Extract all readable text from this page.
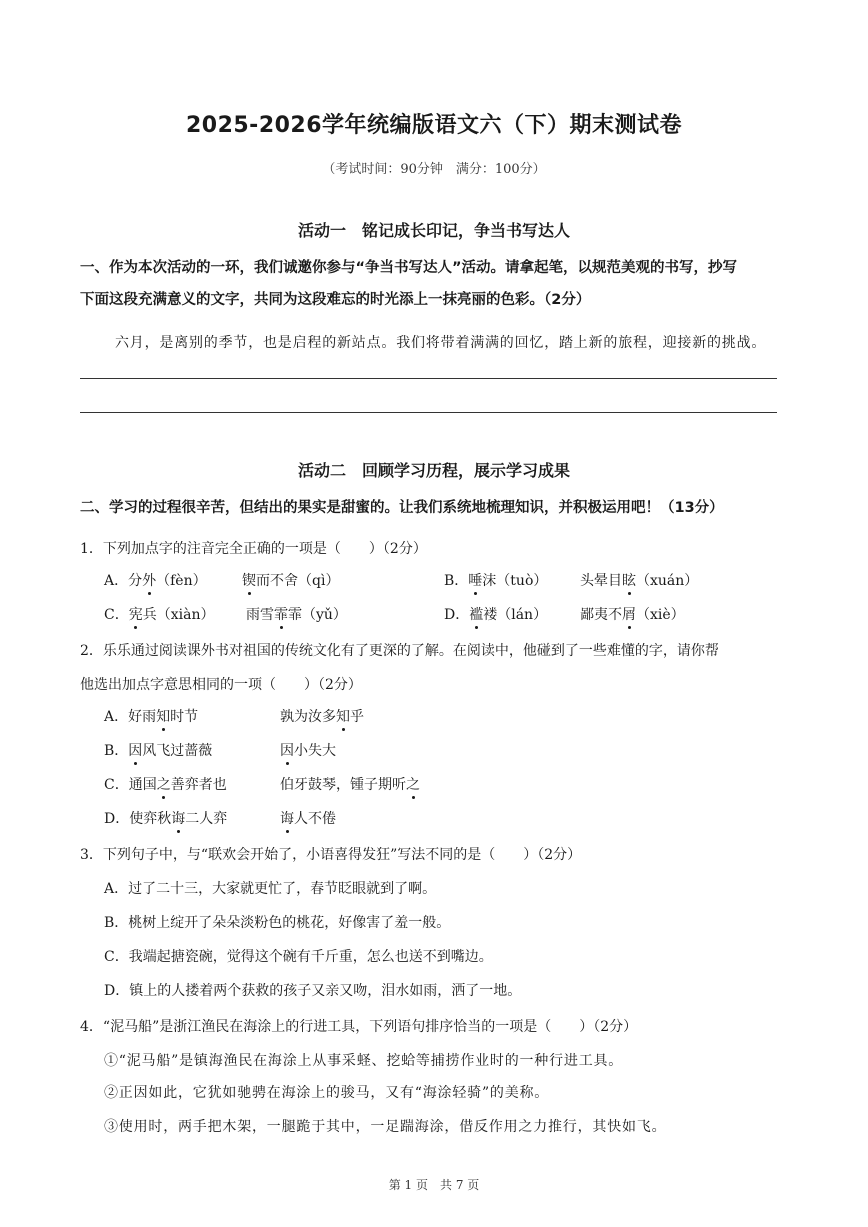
2025-2026学年统编版语文六（下）期末测试卷
（考试时间：90分钟　满分：100分）
活动一　铭记成长印记，争当书写达人
一、作为本次活动的一环，我们诚邀你参与“争当书写达人”活动。请拿起笔，以规范美观的书写，抄写
下面这段充满意义的文字，共同为这段难忘的时光添上一抹亮丽的色彩。（2分）
六月，是离别的季节，也是启程的新站点。我们将带着满满的回忆，踏上新的旅程，迎接新的挑战。
活动二　回顾学习历程，展示学习成果
二、学习的过程很辛苦，但结出的果实是甜蜜的。让我们系统地梳理知识，并积极运用吧！（13分）
1．下列加点字的注音完全正确的一项是（　　）（2分）
A．分外（fèn）	锲而不舍（qì）	B．唾沫（tuò） 头晕目眩（xuán）
C．宪兵（xiàn） 雨雪霏霏（yǔ）	D．褴褛（lán） 鄙夷不屑（xiè）
2．乐乐通过阅读课外书对祖国的传统文化有了更深的了解。在阅读中，他碰到了一些难懂的字，请你帮
他选出加点字意思相同的一项（　　）（2分）
A．好雨知时节	孰为汝多知乎
B．因风飞过蔷薇	因小失大
C．通国之善弈者也	伯牙鼓琴，锺子期听之
D．使弈秋诲二人弈	诲人不倦
3．下列句子中，与“联欢会开始了，小语喜得发狂”写法不同的是（　　）（2分）
A．过了二十三，大家就更忙了，春节眨眼就到了啊。
B．桃树上绽开了朵朵淡粉色的桃花，好像害了羞一般。
C．我端起搪瓷碗，觉得这个碗有千斤重，怎么也送不到嘴边。
D．镇上的人搂着两个获救的孩子又亲又吻，泪水如雨，洒了一地。
4．“泥马船”是浙江渔民在海涂上的行进工具，下列语句排序恰当的一项是（　　）（2分）
①“泥马船”是镇海渔民在海涂上从事采蛏、挖蛤等捕捞作业时的一种行进工具。
②正因如此，它犹如驰骋在海涂上的骏马，又有“海涂轻骑”的美称。
③使用时，两手把木架，一腿跪于其中，一足踹海涂，借反作用之力推行，其快如飞。
第 1 页　共 7 页
